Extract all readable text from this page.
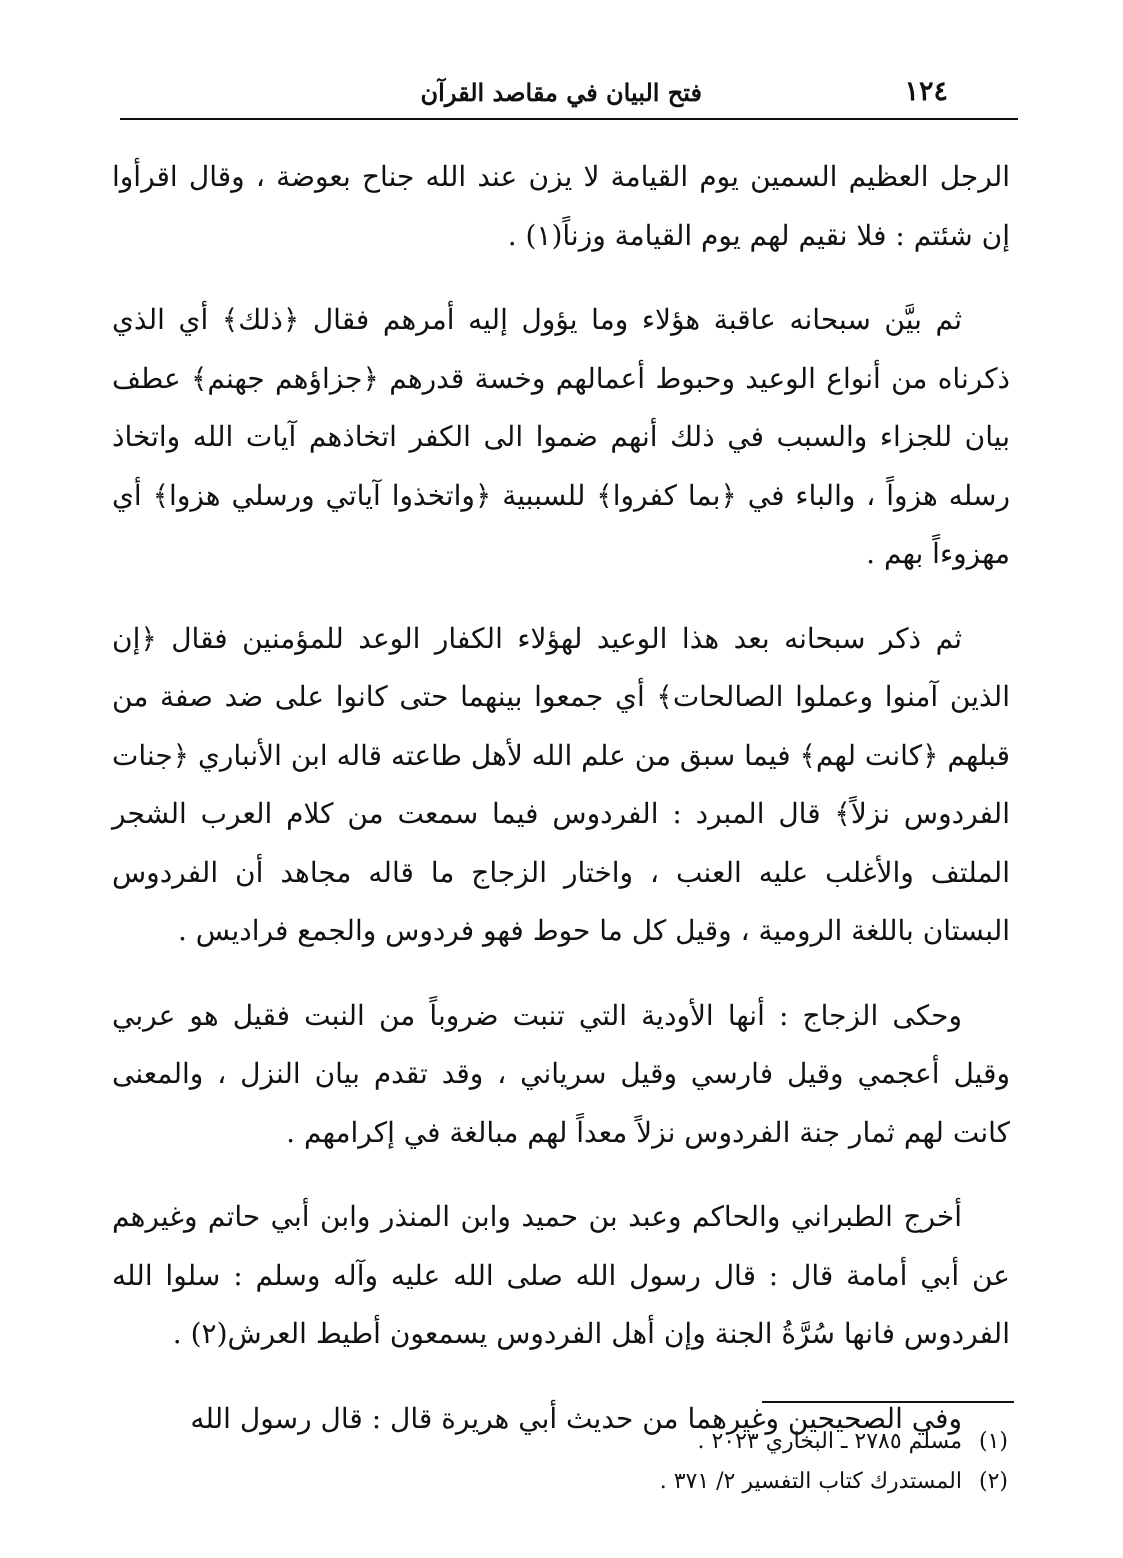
١٢٤
فتح البيان في مقاصد القرآن

الرجل العظيم السمين يوم القيامة لا يزن عند الله جناح بعوضة ، وقال اقرأوا إن شئتم : فلا نقيم لهم يوم القيامة وزناً(١) .

ثم بيَّن سبحانه عاقبة هؤلاء وما يؤول إليه أمرهم فقال ﴿ذلك﴾ أي الذي ذكرناه من أنواع الوعيد وحبوط أعمالهم وخسة قدرهم ﴿جزاؤهم جهنم﴾ عطف بيان للجزاء والسبب في ذلك أنهم ضموا الى الكفر اتخاذهم آيات الله واتخاذ رسله هزواً ، والباء في ﴿بما كفروا﴾ للسببية ﴿واتخذوا آياتي ورسلي هزوا﴾ أي مهزوءاً بهم .

ثم ذكر سبحانه بعد هذا الوعيد لهؤلاء الكفار الوعد للمؤمنين فقال ﴿إن الذين آمنوا وعملوا الصالحات﴾ أي جمعوا بينهما حتى كانوا على ضد صفة من قبلهم ﴿كانت لهم﴾ فيما سبق من علم الله لأهل طاعته قاله ابن الأنباري ﴿جنات الفردوس نزلاً﴾ قال المبرد : الفردوس فيما سمعت من كلام العرب الشجر الملتف والأغلب عليه العنب ، واختار الزجاج ما قاله مجاهد أن الفردوس البستان باللغة الرومية ، وقيل كل ما حوط فهو فردوس والجمع فراديس .

وحكى الزجاج : أنها الأودية التي تنبت ضروباً من النبت فقيل هو عربي وقيل أعجمي وقيل فارسي وقيل سرياني ، وقد تقدم بيان النزل ، والمعنى كانت لهم ثمار جنة الفردوس نزلاً معداً لهم مبالغة في إكرامهم .

أخرج الطبراني والحاكم وعبد بن حميد وابن المنذر وابن أبي حاتم وغيرهم عن أبي أمامة قال : قال رسول الله صلى الله عليه وآله وسلم : سلوا الله الفردوس فانها سُرَّةُ الجنة وإن أهل الفردوس يسمعون أطيط العرش(٢) .

وفي الصحيحين وغيرهما من حديث أبي هريرة قال : قال رسول الله

(١) مسلم ٢٧٨٥ ـ البخاري ٢٠٢٣ .

(٢) المستدرك كتاب التفسير ٢/ ٣٧١ .
